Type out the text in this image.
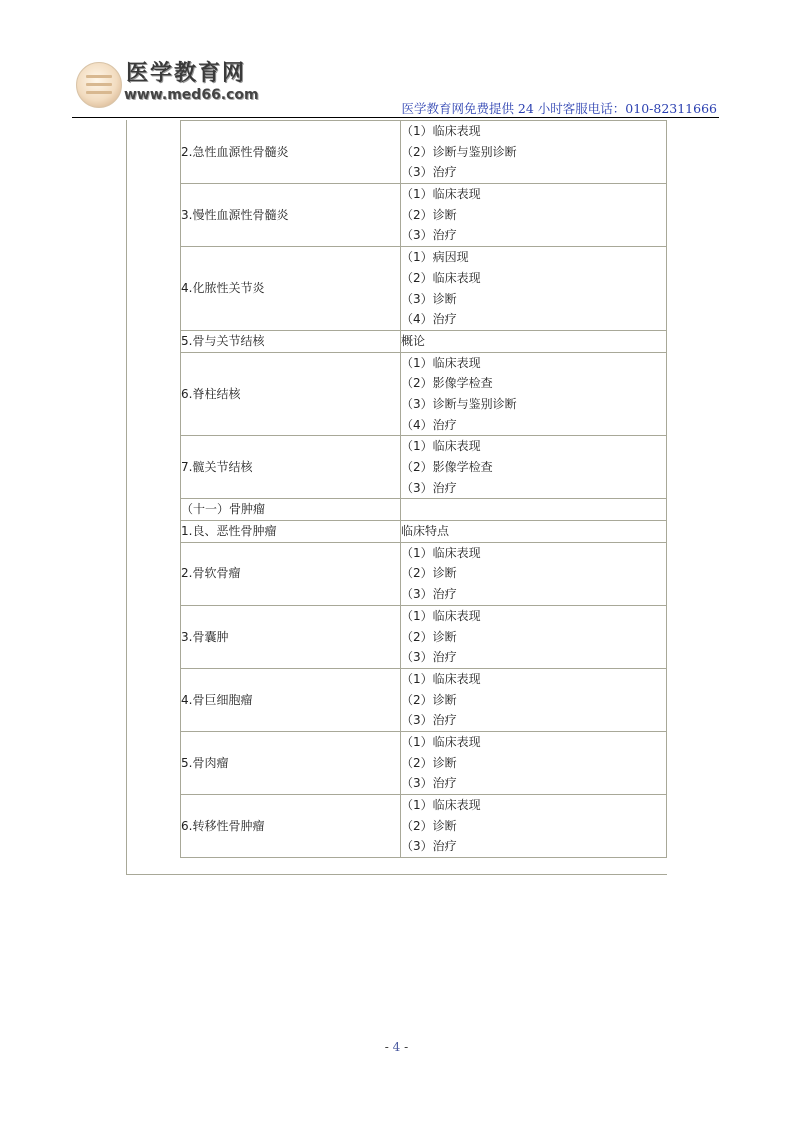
医学教育网
www.med66.com
医学教育网免费提供 24 小时客服电话：010-82311666
2.急性血源性骨髓炎	（1）临床表现
（2）诊断与鉴别诊断
（3）治疗

3.慢性血源性骨髓炎	（1）临床表现
（2）诊断
（3）治疗

4.化脓性关节炎	（1）病因现
（2）临床表现
（3）诊断
（4）治疗

5.骨与关节结核	概论

6.脊柱结核	（1）临床表现
（2）影像学检查
（3）诊断与鉴别诊断
（4）治疗

7.髋关节结核	（1）临床表现
（2）影像学检查
（3）治疗

（十一）骨肿瘤	

1.良、恶性骨肿瘤	临床特点

2.骨软骨瘤	（1）临床表现
（2）诊断
（3）治疗

3.骨囊肿	（1）临床表现
（2）诊断
（3）治疗

4.骨巨细胞瘤	（1）临床表现
（2）诊断
（3）治疗

5.骨肉瘤	（1）临床表现
（2）诊断
（3）治疗

6.转移性骨肿瘤	（1）临床表现
（2）诊断
（3）治疗
- 4 -
